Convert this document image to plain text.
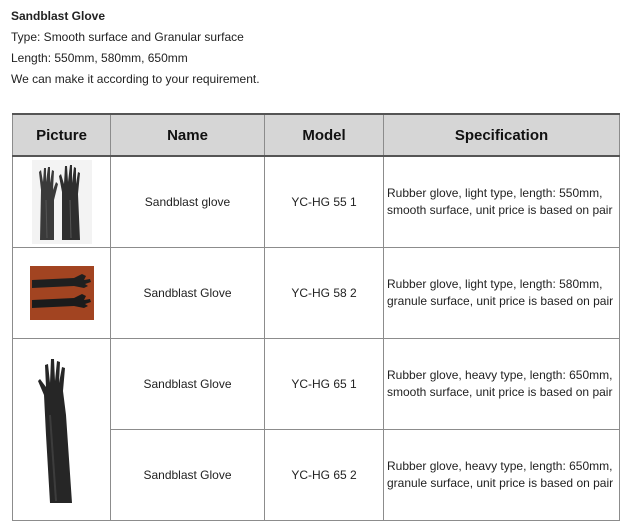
Sandblast Glove
Type: Smooth surface and Granular surface
Length: 550mm, 580mm, 650mm
We can make it according to your requirement.
Picture	Name	Model	Specification

	Sandblast glove	YC-HG 55 1	Rubber glove, light type, length: 550mm,
smooth surface, unit price is based on pair

	Sandblast Glove	YC-HG 58 2	Rubber glove, light type, length: 580mm,
granule surface, unit price is based on pair

	Sandblast Glove	YC-HG 65 1	Rubber glove, heavy type, length: 650mm,
smooth surface, unit price is based on pair

	Sandblast Glove	YC-HG 65 2	Rubber glove, heavy type, length: 650mm,
granule surface, unit price is based on pair
